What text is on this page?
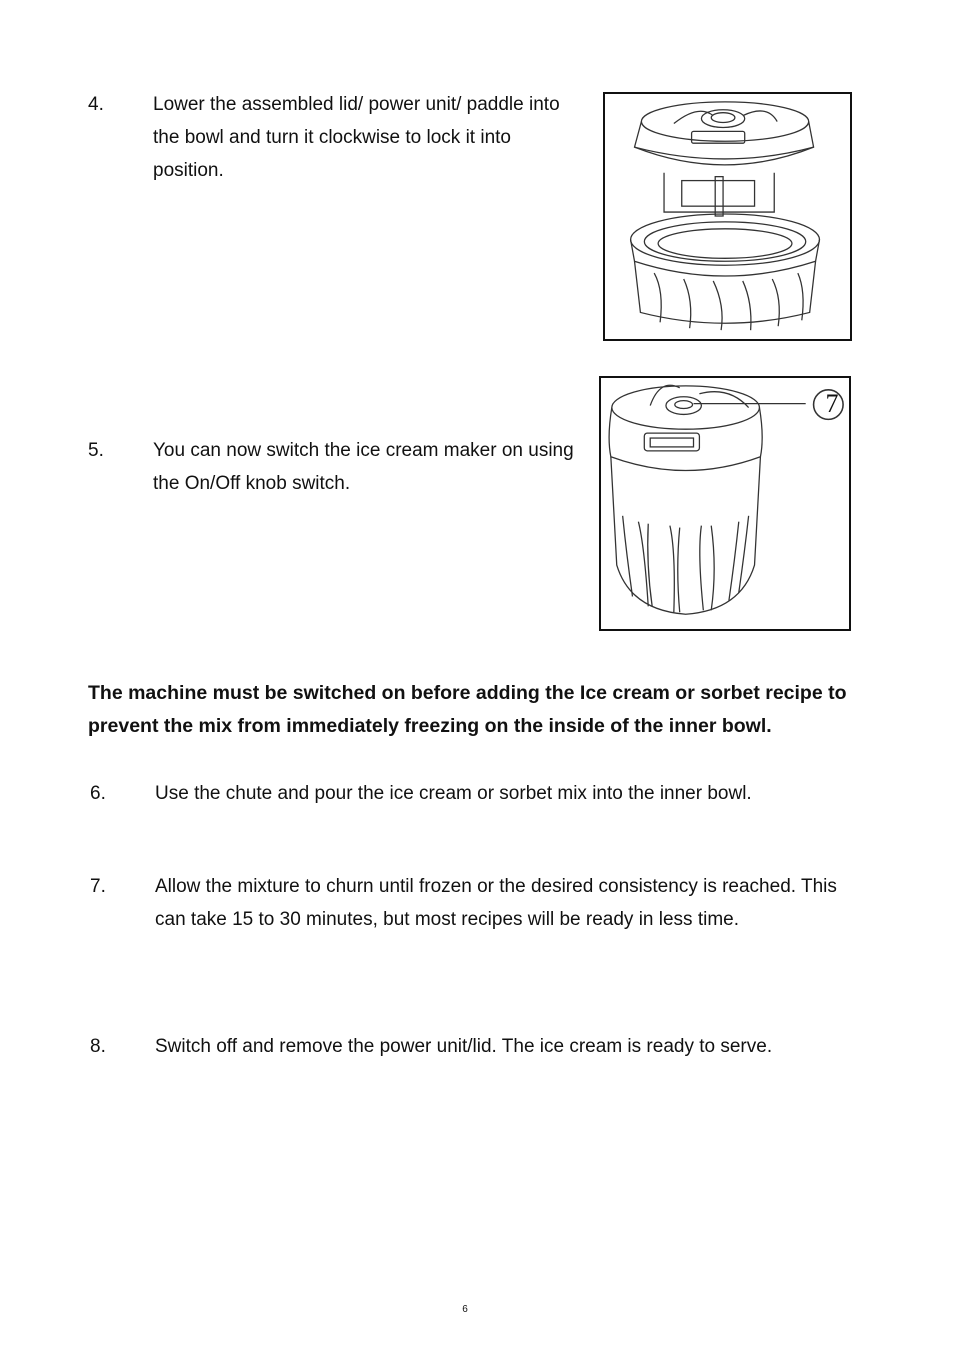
4.	Lower the assembled lid/ power unit/ paddle into the bowl and turn it clockwise to lock it into position.
5.	You can now switch the ice cream maker on using the On/Off knob switch.
7
The machine must be switched on before adding the Ice cream or sorbet recipe to prevent the mix from immediately freezing on the inside of the inner bowl.
6.	Use the chute and pour the ice cream or sorbet mix into the inner bowl.
7.	Allow the mixture to churn until frozen or the desired consistency is reached. This can take 15 to 30 minutes, but most recipes will be ready in less time.
8.	Switch off and remove the power unit/lid. The ice cream is ready to serve.
6
